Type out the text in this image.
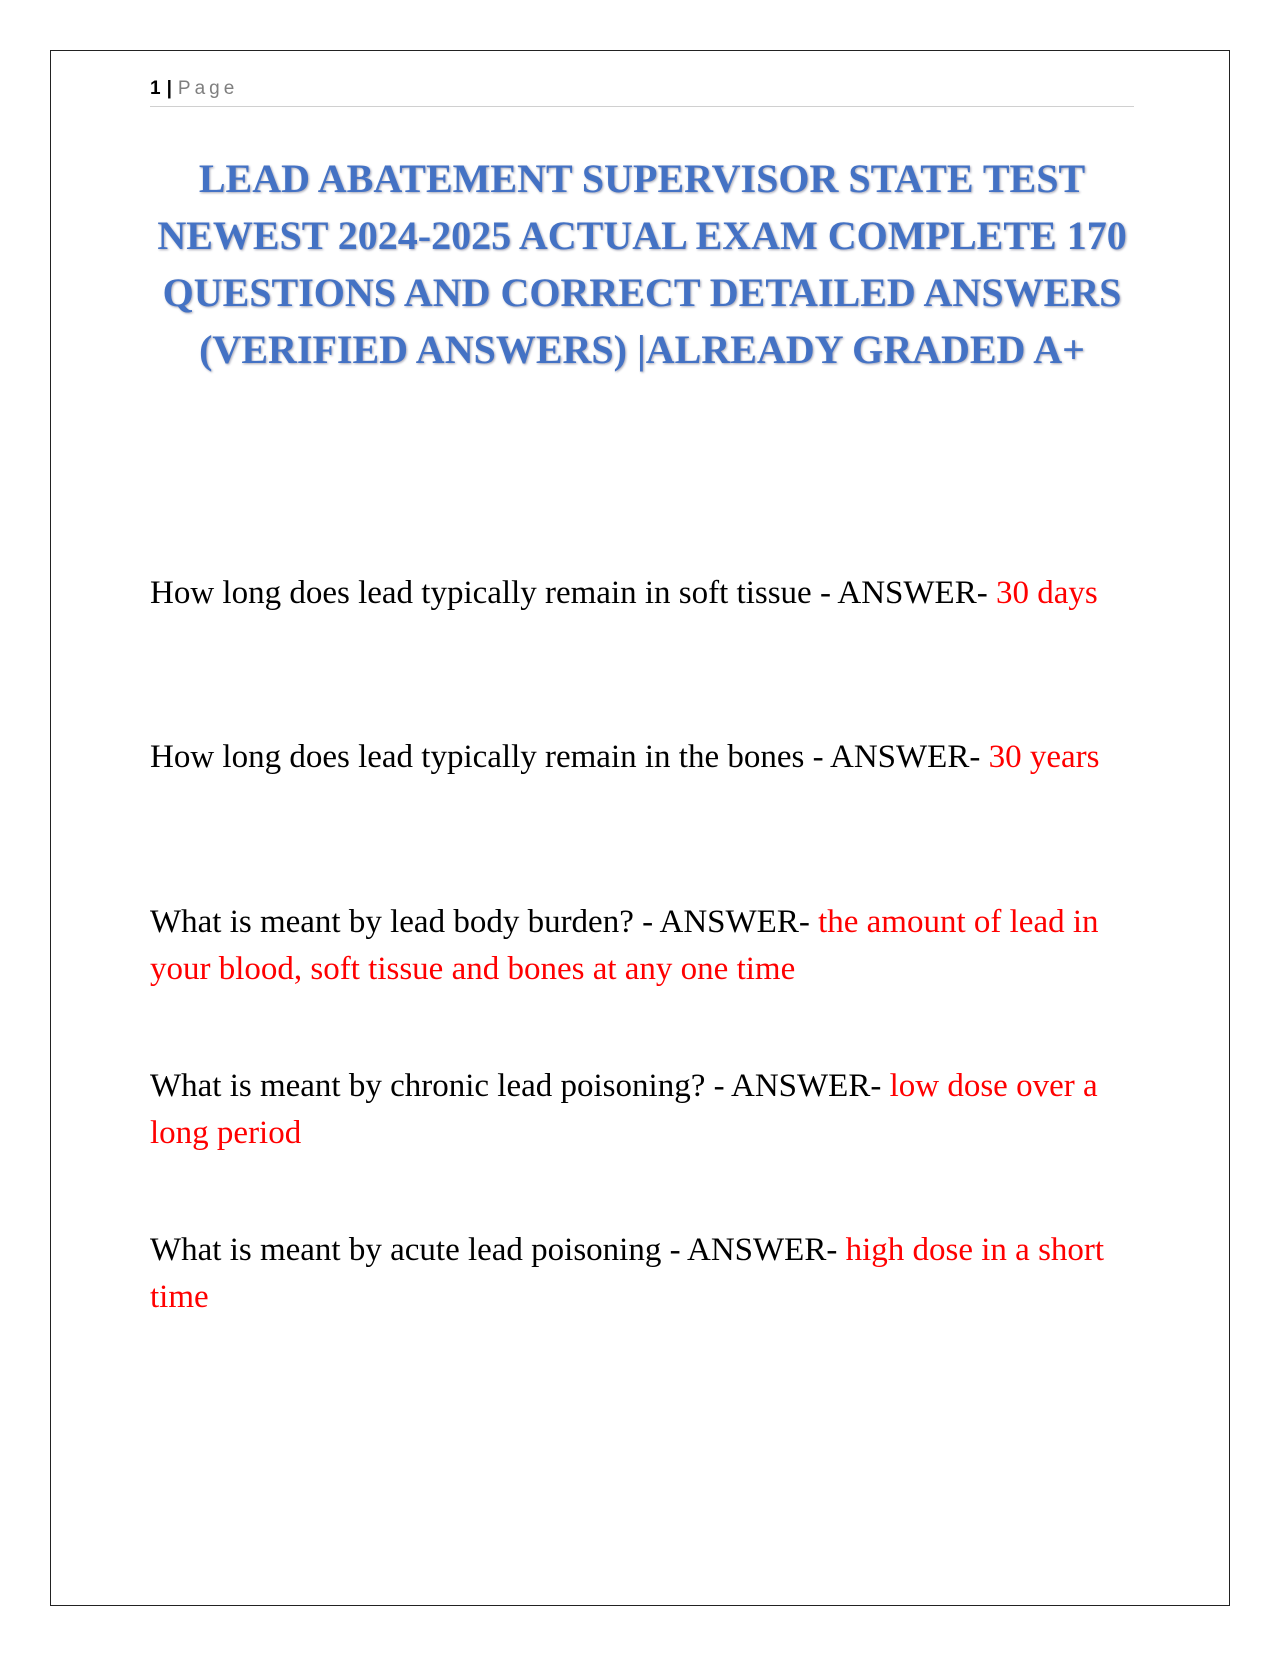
1 | Page
LEAD ABATEMENT SUPERVISOR STATE TEST NEWEST 2024-2025 ACTUAL EXAM COMPLETE 170 QUESTIONS AND CORRECT DETAILED ANSWERS (VERIFIED ANSWERS) |ALREADY GRADED A+
How long does lead typically remain in soft tissue - ANSWER- 30 days
How long does lead typically remain in the bones - ANSWER- 30 years
What is meant by lead body burden? - ANSWER- the amount of lead in your blood, soft tissue and bones at any one time
What is meant by chronic lead poisoning? - ANSWER- low dose over a long period
What is meant by acute lead poisoning - ANSWER- high dose in a short time
